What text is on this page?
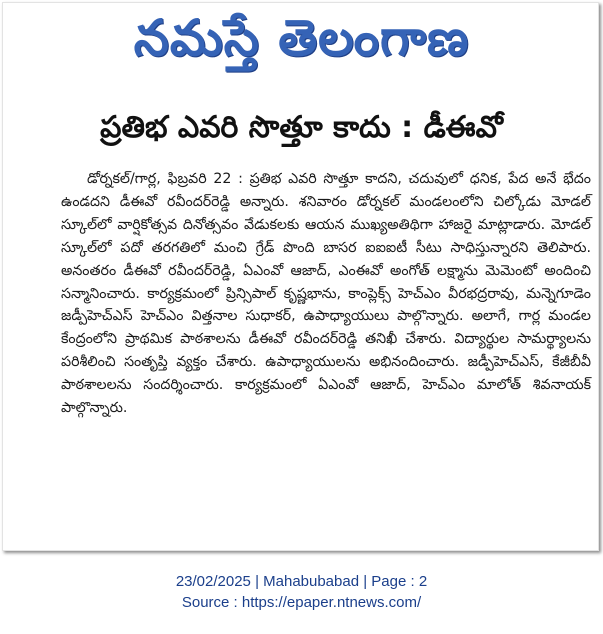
నమస్తే తెలంగాణ
ప్రతిభ ఎవరి సొత్తూ కాదు : డీఈవో
డోర్నకల్/గార్ల, ఫిబ్రవరి 22 : ప్రతిభ ఎవరి సొత్తూ కాదని, చదువులో ధనిక, పేద అనే భేదం ఉండదని డీఈవో రవీందర్‌రెడ్డి అన్నారు. శనివారం డోర్నకల్ మండలంలోని చిల్కోడు మోడల్ స్కూల్‌లో వార్షికోత్సవ దినోత్సవం వేడుకలకు ఆయన ముఖ్యఅతిథిగా హాజరై మాట్లాడారు. మోడల్ స్కూల్‌లో పదో తరగతిలో మంచి గ్రేడ్ పొంది బాసర ఐఐఐటీ సీటు సాధిస్తున్నారని తెలిపారు. అనంతరం డీఈవో రవీందర్‌రెడ్డి, ఏఎంవో ఆజాద్, ఎంఈవో అంగోత్ లక్ష్మాను మెమెంటో అందించి సన్మానించారు. కార్యక్రమంలో ప్రిన్సిపాల్ కృష్ణభాను, కాంప్లెక్స్ హెచ్‌ఎం వీరభద్రరావు, మన్నెగూడెం జడ్పీహెచ్‌ఎస్ హెచ్‌ఎం విత్తనాల సుధాకర్, ఉపాధ్యాయులు పాల్గొన్నారు. అలాగే, గార్ల మండల కేంద్రంలోని ప్రాథమిక పాఠశాలను డీఈవో రవీందర్‌రెడ్డి తనిఖీ చేశారు. విద్యార్థుల సామర్థ్యాలను పరిశీలించి సంతృప్తి వ్యక్తం చేశారు. ఉపాధ్యాయులను అభినందించారు. జడ్పీహెచ్‌ఎస్, కేజీబీవీ పాఠశాలలను సందర్శించారు. కార్యక్రమంలో ఏఎంవో ఆజాద్, హెచ్‌ఎం మాలోత్ శివనాయక్ పాల్గొన్నారు.
23/02/2025 | Mahabubabad | Page : 2
Source : https://epaper.ntnews.com/
